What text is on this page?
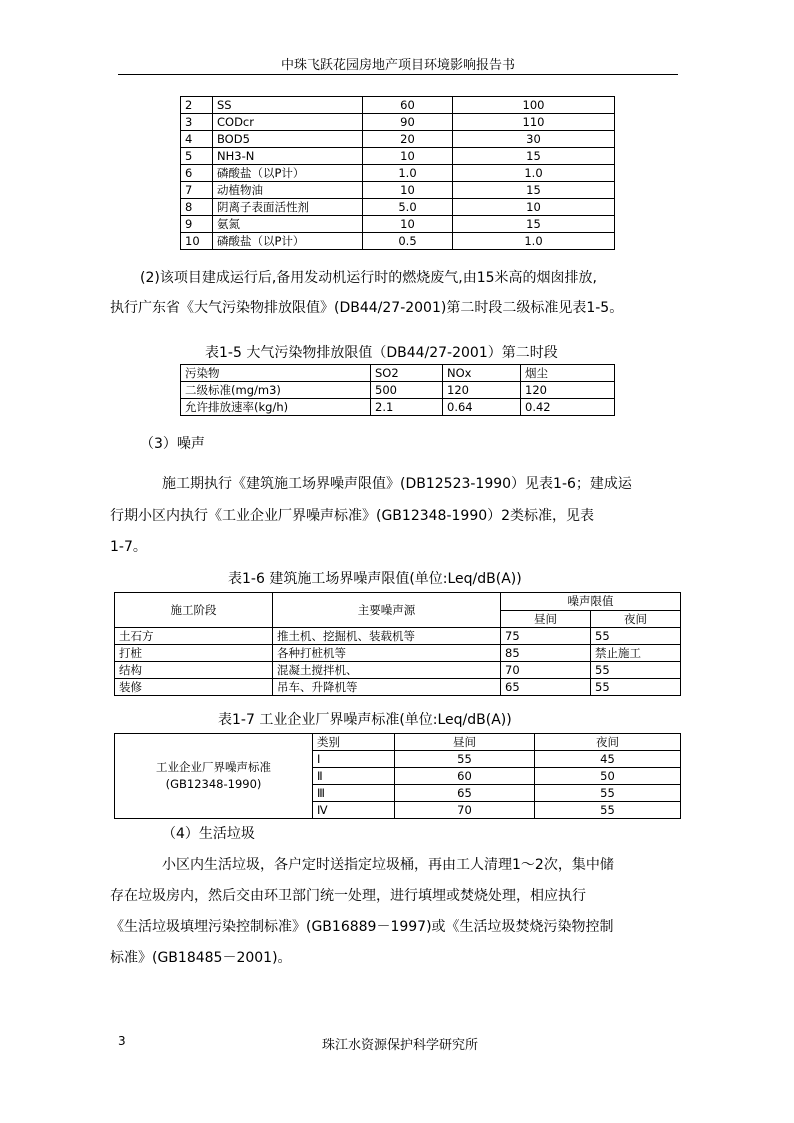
中珠飞跃花园房地产项目环境影响报告书
2	SS	60	100
3	CODcr	90	110
4	BOD5	20	30
5	NH3-N	10	15
6	磷酸盐（以P计）	1.0	1.0
7	动植物油	10	15
8	阴离子表面活性剂	5.0	10
9	氨氮	10	15
10	磷酸盐（以P计）	0.5	1.0
(2)该项目建成运行后,备用发动机运行时的燃烧废气,由15米高的烟囱排放,
执行广东省《大气污染物排放限值》(DB44/27-2001)第二时段二级标准见表1-5。
表1-5 大气污染物排放限值（DB44/27-2001）第二时段
污染物	SO2	NOx	烟尘
二级标准(mg/m3)	500	120	120
允许排放速率(kg/h)	2.1	0.64	0.42
（3）噪声
施工期执行《建筑施工场界噪声限值》(DB12523-1990）见表1-6；建成运
行期小区内执行《工业企业厂界噪声标准》(GB12348-1990）2类标准，见表
1-7。
表1-6 建筑施工场界噪声限值(单位:Leq/dB(A))
施工阶段	主要噪声源	噪声限值	
		昼间	夜间
土石方	推土机、挖掘机、装载机等	75	55
打桩	各种打桩机等	85	禁止施工
结构	混凝土搅拌机、	70	55
装修	吊车、升降机等	65	55
表1-7 工业企业厂界噪声标准(单位:Leq/dB(A))
工业企业厂界噪声标准
(GB12348-1990)	类别	昼间	夜间
	Ⅰ	55	45
	Ⅱ	60	50
	Ⅲ	65	55
	Ⅳ	70	55
（4）生活垃圾
小区内生活垃圾，各户定时送指定垃圾桶，再由工人清理1～2次，集中储
存在垃圾房内，然后交由环卫部门统一处理，进行填埋或焚烧处理，相应执行
《生活垃圾填埋污染控制标准》(GB16889－1997)或《生活垃圾焚烧污染物控制
标准》(GB18485－2001)。
3	珠江水资源保护科学研究所
